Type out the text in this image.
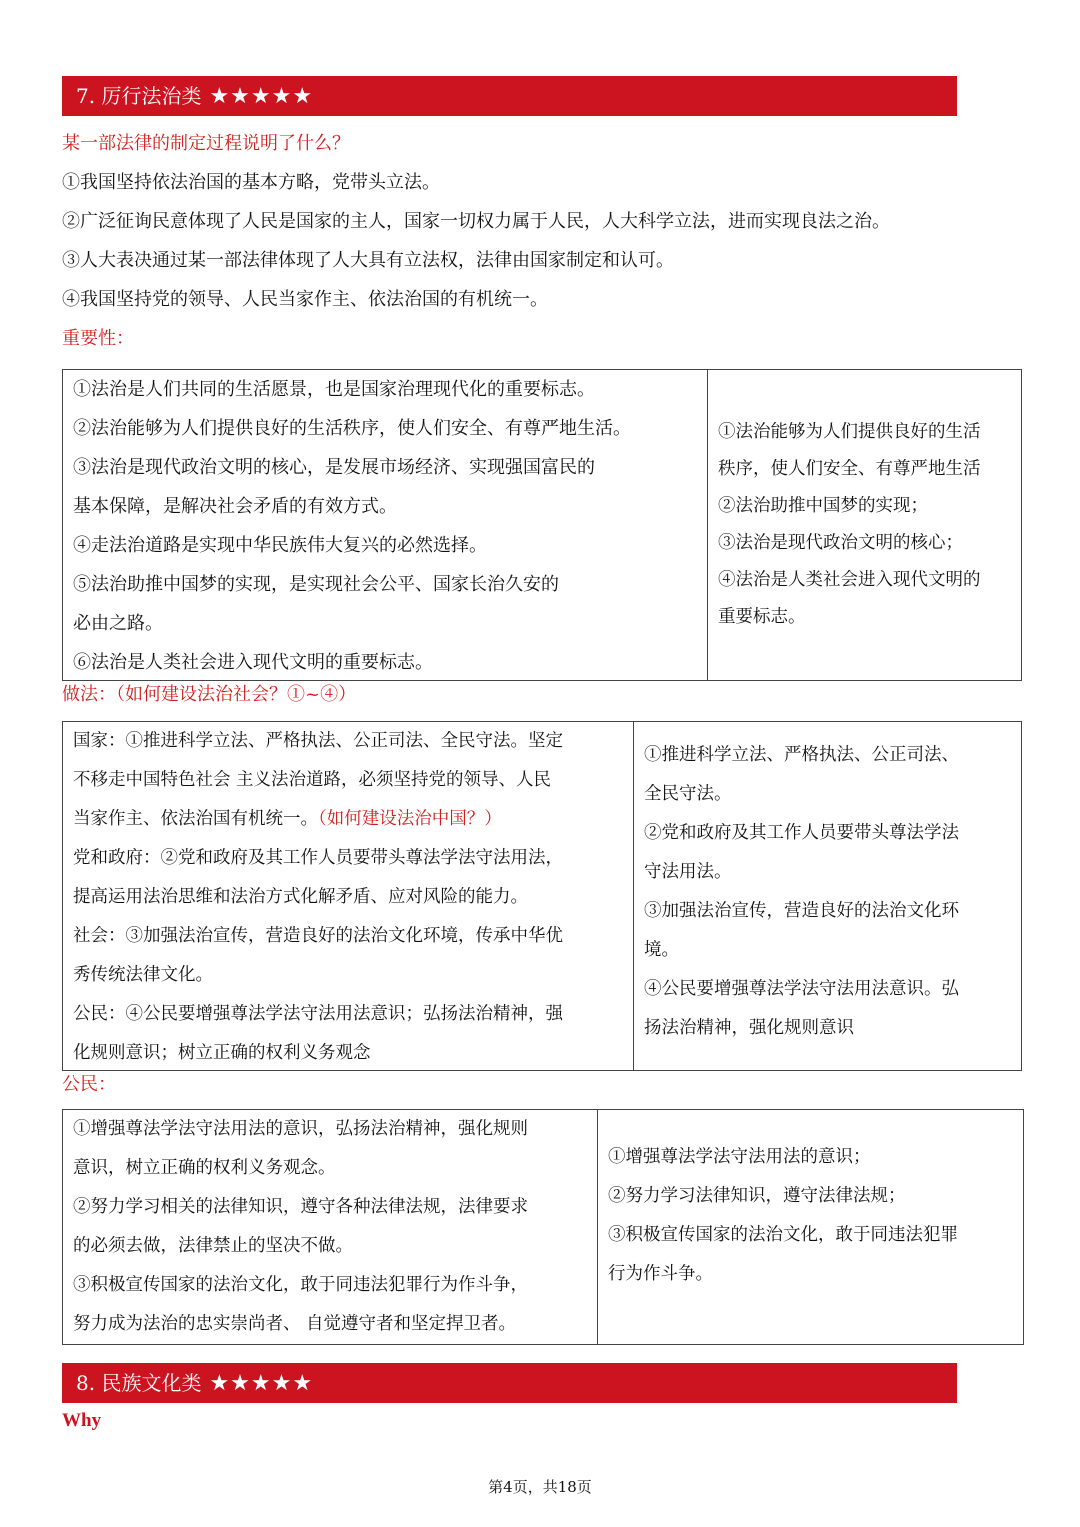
7. 厉行法治类 ★★★★★

某一部法律的制定过程说明了什么？

①我国坚持依法治国的基本方略，党带头立法。

②广泛征询民意体现了人民是国家的主人，国家一切权力属于人民，人大科学立法，进而实现良法之治。

③人大表决通过某一部法律体现了人大具有立法权，法律由国家制定和认可。

④我国坚持党的领导、人民当家作主、依法治国的有机统一。

重要性：

①法治是人们共同的生活愿景，也是国家治理现代化的重要标志。

②法治能够为人们提供良好的生活秩序，使人们安全、有尊严地生活。

③法治是现代政治文明的核心，是发展市场经济、实现强国富民的

基本保障，是解决社会矛盾的有效方式。

④走法治道路是实现中华民族伟大复兴的必然选择。

⑤法治助推中国梦的实现，是实现社会公平、国家长治久安的

必由之路。

⑥法治是人类社会进入现代文明的重要标志。

①法治能够为人们提供良好的生活

秩序，使人们安全、有尊严地生活

②法治助推中国梦的实现；

③法治是现代政治文明的核心；

④法治是人类社会进入现代文明的

重要标志。

做法：（如何建设法治社会？①~④）

国家：①推进科学立法、严格执法、公正司法、全民守法。坚定

不移走中国特色社会 主义法治道路，必须坚持党的领导、人民

当家作主、依法治国有机统一。（如何建设法治中国？）

党和政府：②党和政府及其工作人员要带头尊法学法守法用法，

提高运用法治思维和法治方式化解矛盾、应对风险的能力。

社会：③加强法治宣传，营造良好的法治文化环境，传承中华优

秀传统法律文化。

公民：④公民要增强尊法学法守法用法意识；弘扬法治精神，强

化规则意识；树立正确的权利义务观念

①推进科学立法、严格执法、公正司法、

全民守法。

②党和政府及其工作人员要带头尊法学法

守法用法。

③加强法治宣传，营造良好的法治文化环

境。

④公民要增强尊法学法守法用法意识。弘

扬法治精神，强化规则意识

公民：

①增强尊法学法守法用法的意识，弘扬法治精神，强化规则

意识，树立正确的权利义务观念。

②努力学习相关的法律知识，遵守各种法律法规，法律要求

的必须去做，法律禁止的坚决不做。

③积极宣传国家的法治文化，敢于同违法犯罪行为作斗争，

努力成为法治的忠实崇尚者、 自觉遵守者和坚定捍卫者。

①增强尊法学法守法用法的意识；

②努力学习法律知识，遵守法律法规；

③积极宣传国家的法治文化，敢于同违法犯罪

行为作斗争。

8. 民族文化类 ★★★★★
Why
第4页，共18页
